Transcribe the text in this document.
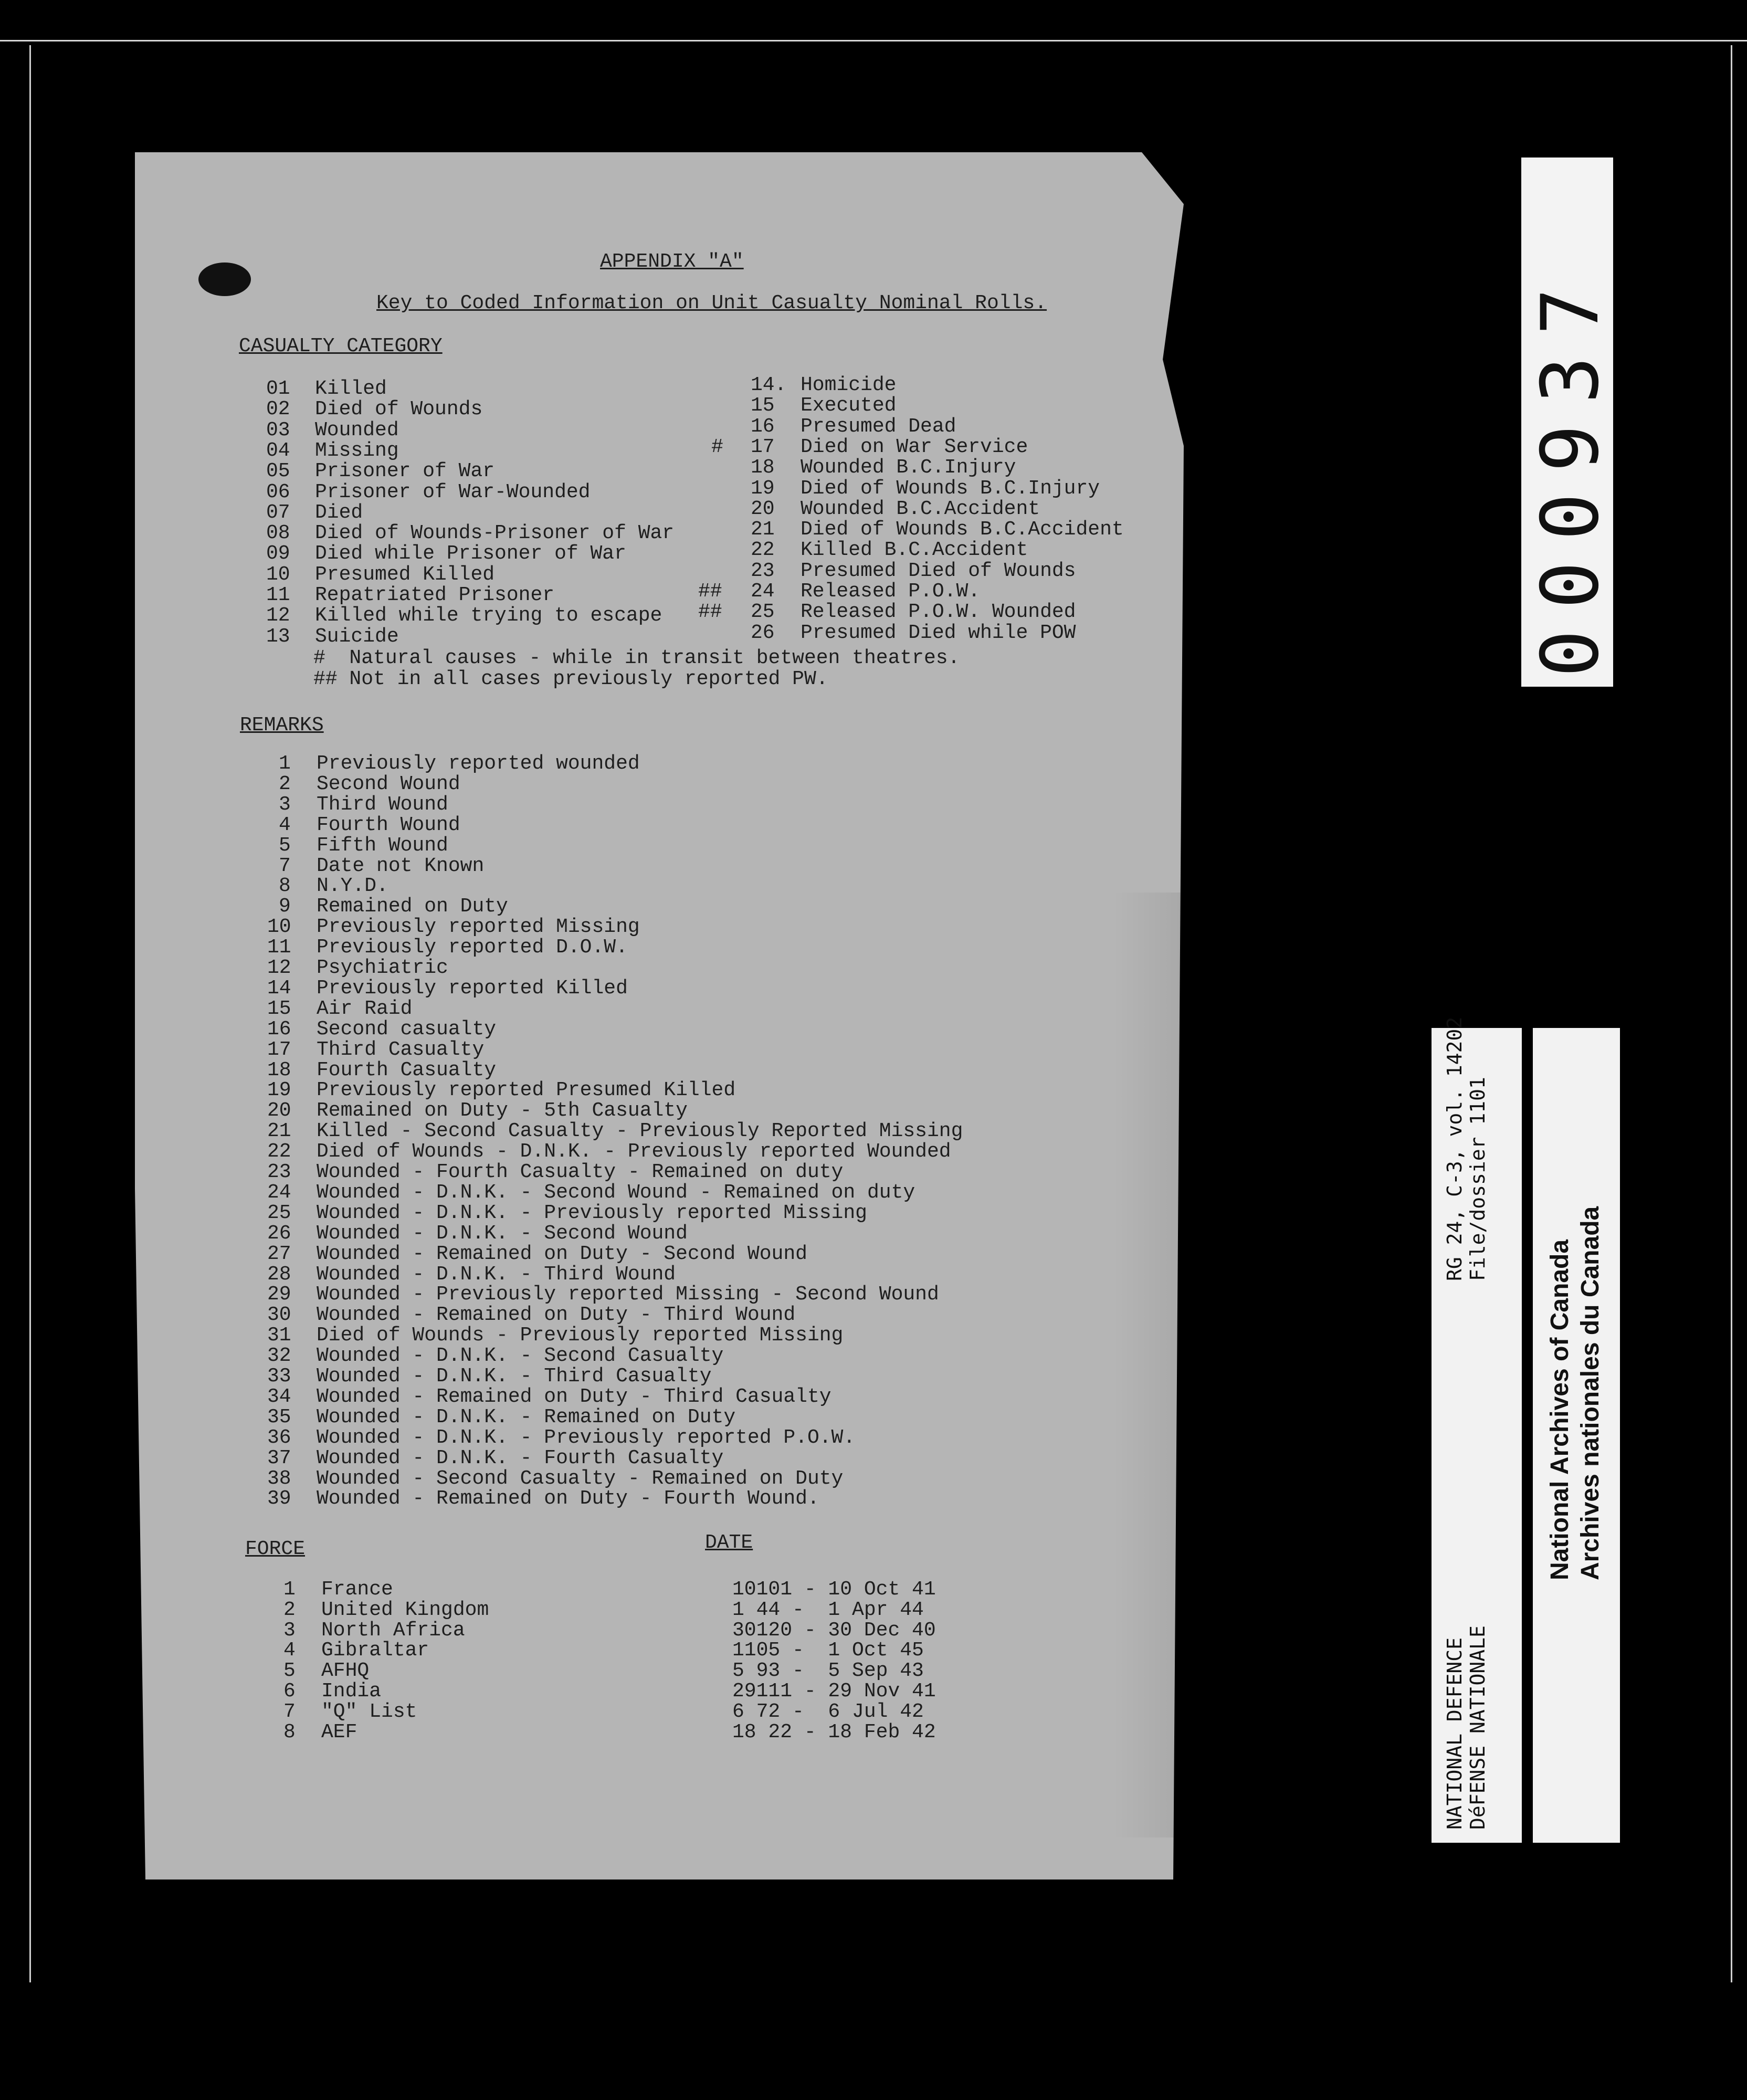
APPENDIX "A"
Key to Coded Information on Unit Casualty Nominal Rolls.
CASUALTY CATEGORY
01 Killed
02 Died of Wounds
03 Wounded
04 Missing
05 Prisoner of War
06 Prisoner of War-Wounded
07 Died
08 Died of Wounds-Prisoner of War
09 Died while Prisoner of War
10 Presumed Killed
11 Repatriated Prisoner
12 Killed while trying to escape
13 Suicide
14. Homicide
15 Executed
16 Presumed Dead
# 17 Died on War Service
18 Wounded B.C.Injury
19 Died of Wounds B.C.Injury
20 Wounded B.C.Accident
21 Died of Wounds B.C.Accident
22 Killed B.C.Accident
23 Presumed Died of Wounds
## 24 Released P.O.W.
## 25 Released P.O.W. Wounded
26 Presumed Died while POW
#  Natural causes - while in transit between theatres.
## Not in all cases previously reported PW.
REMARKS
1 Previously reported wounded
2 Second Wound
3 Third Wound
4 Fourth Wound
5 Fifth Wound
7 Date not Known
8 N.Y.D.
9 Remained on Duty
10 Previously reported Missing
11 Previously reported D.O.W.
12 Psychiatric
14 Previously reported Killed
15 Air Raid
16 Second casualty
17 Third Casualty
18 Fourth Casualty
19 Previously reported Presumed Killed
20 Remained on Duty - 5th Casualty
21 Killed - Second Casualty - Previously Reported Missing
22 Died of Wounds - D.N.K. - Previously reported Wounded
23 Wounded - Fourth Casualty - Remained on duty
24 Wounded - D.N.K. - Second Wound - Remained on duty
25 Wounded - D.N.K. - Previously reported Missing
26 Wounded - D.N.K. - Second Wound
27 Wounded - Remained on Duty - Second Wound
28 Wounded - D.N.K. - Third Wound
29 Wounded - Previously reported Missing - Second Wound
30 Wounded - Remained on Duty - Third Wound
31 Died of Wounds - Previously reported Missing
32 Wounded - D.N.K. - Second Casualty
33 Wounded - D.N.K. - Third Casualty
34 Wounded - Remained on Duty - Third Casualty
35 Wounded - D.N.K. - Remained on Duty
36 Wounded - D.N.K. - Previously reported P.O.W.
37 Wounded - D.N.K. - Fourth Casualty
38 Wounded - Second Casualty - Remained on Duty
39 Wounded - Remained on Duty - Fourth Wound.
FORCE	DATE
1 France	10101 - 10 Oct 41
2 United Kingdom	1 44 -  1 Apr 44
3 North Africa	30120 - 30 Dec 40
4 Gibraltar	1105 -  1 Oct 45
5 AFHQ	5 93 -  5 Sep 43
6 India	29111 - 29 Nov 41
7 "Q" List	6 72 -  6 Jul 42
8 AEF	18 22 - 18 Feb 42
000937
NATIONAL DEFENCE DéFENSE NATIONALE
RG 24, C-3, vol. 14202 File/dossier 1101
National Archives of Canada Archives nationales du Canada
